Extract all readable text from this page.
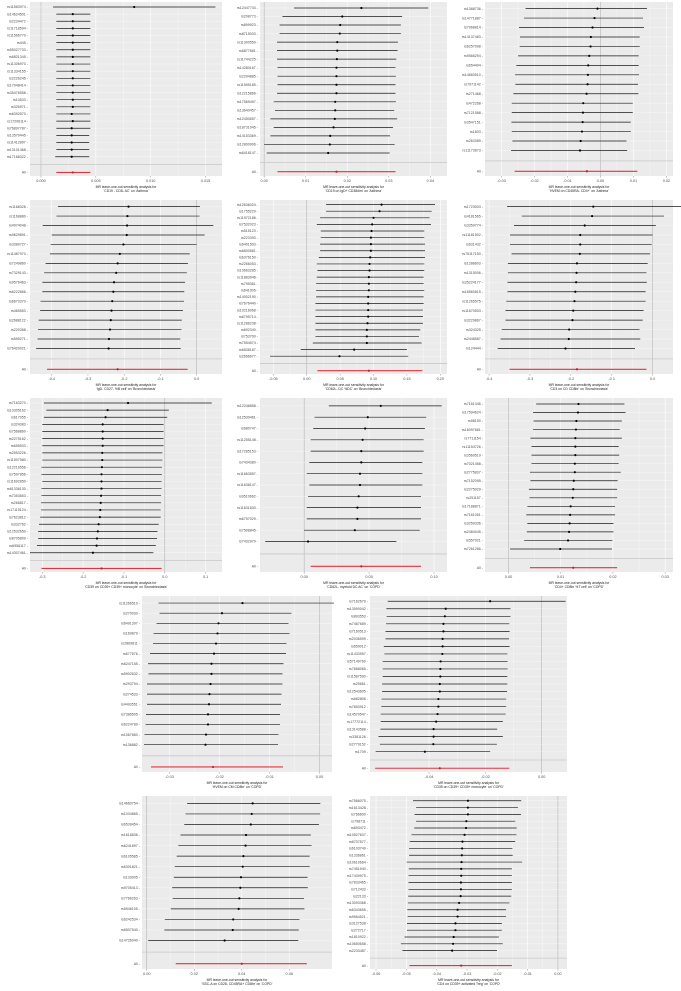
rs11583974 -
rs14624501 -
rs2234472 -
rs11718594 -
rs11566770 -
rs445 -
rs55027733 -
rs6821345 -
rs11306970 -
rs11334155 -
rs2226245 -
rs17048414 -
rs35476558 -
rs10533 -
rs326971 -
rs6392570 -
rs17296114 -
rs76897787 -
rs13570445 -
rs11412897 -
rs13101468 -
rs17168322 -
All -
0.000	0.005	0.010	0.015
MR leave-one-out sensitivity analysis for
'CD19 - CD8- AC' on 'Asthma'
rs12447743 -
rs208773 -
rs899923 -
rs8715033 -
rs11300559 -
rs6877681 -
rs11744225 -
rs14280167 -
rs2294885 -
rs11595185 -
rs12215866 -
rs17569497 -
rs13640457 -
rs12450657 -
rs18731045 -
rs14153369 -
rs12800906 -
rs6418147 -
All -
0.00	0.01	0.02	0.03	0.04
MR leave-one-out sensitivity analysis for
'CD19 on IgD+ CD38dim' on 'Asthma'
rs1388736 -
rs14771887 -
rs7968814 -
rs14137483 -
rs6257098 -
rs9566294 -
rs654404 -
rs14660510 -
rs7971142 -
rs271468 -
rs472268 -
rs7121588 -
rs3547151 -
rs1603 -
rs263389 -
rs11173673 -
All -
-0.03	-0.02	-0.01	0.00	0.01	0.02
MR leave-one-out sensitivity analysis for
'HVEM on CD45RA- CD4+' on 'Asthma'
rs1168326 -
rs1168880 -
rs4974048 -
rs9629891 -
rs3389727 -
rs11487970 -
rs7249860 -
rs7329143 -
rs9576463 -
rs6222866 -
rs6673370 -
rs465553 -
rs2688122 -
rs220368 -
rs595271 -
rs76420021 -
All -
-0.4	-0.3	-0.2	-0.1	0.0
MR leave-one-out sensitivity analysis for
'IgD- CD27- %B cell' on 'Bronchiectasis'
rs12636024 -
rs1755229 -
rs11972186 -
rs7532023 -
rs515123 -
rs223393 -
rs6401503 -
rs6600581 -
rs6376150 -
rs2266053 -
rs10663285 -
rs11883046 -
rs795361 -
rs641005 -
rs14002190 -
rs7676440 -
rs10216068 -
rs6795714 -
rs11286238 -
rs692340 -
rs753700 -
rs7554574 -
rs6838187 -
rs2666677 -
All -
-0.05	0.00	0.05	0.10	0.15	0.20
MR leave-one-out sensitivity analysis for
'CD62L- DC %DC' on 'Bronchiectasis'
rs1723003 -
rs4181565 -
rs3359774 -
rs11181502 -
rs631432 -
rs75117150 -
rs1288603 -
rs1315006 -
rs35224177 -
rs16560815 -
rs11265575 -
rs11670503 -
rs3229867 -
rs324325 -
rs2448587 -
rs124444 -
All -
-0.4	-0.3	-0.2	-0.1	0.0
MR leave-one-out sensitivity analysis for
'CD3 on CD CD8br' on 'Bronchiectasis'
rs7163270 -
rs13305162 -
rs617055 -
rs324383 -
rs7568860 -
rs2275162 -
rs655933 -
rs2553226 -
rs11507580 -
rs12216556 -
rs7597856 -
rs11692850 -
rs61336130 -
rs7353653 -
rs266817 -
rs17115124 -
rs7623812 -
rs332762 -
rs12532650 -
rs8705809 -
rs6958117 -
rs14307461 -
All -
-0.3	-0.2	-0.1	0.0	0.1
MR leave-one-out sensitivity analysis for
'CD39 on CD39+ CD39+ monocyte' on 'Bronchiectasis'
rs12246858 -
rs12530461 -
rs680747 -
rs11255148 -
rs17285153 -
rs7434380 -
rs11663557 -
rs11638147 -
rs9510662 -
rs11631830 -
rs6757029 -
rs7508845 -
rs7432979 -
All -
0.00	0.05	0.10
MR leave-one-out sensitivity analysis for
'CD62L- myeloid DC AC' on 'COPD'
rs7161346 -
rs17594624 -
rs98150 -
rs16097681 -
rs7711154 -
rs11154726 -
rs3569519 -
rs7021458 -
rs2775837 -
rs7152095 -
rs2275929 -
rs251157 -
rs17188871 -
rs7161051 -
rs3259336 -
rs2484045 -
rs557021 -
rs7261266 -
All -
0.00	0.01	0.02	0.03
MR leave-one-out sensitivity analysis for
'CD4+ CD8br %T cell' on 'COPD'
rs11266510 -
rs270030 -
rs6491397 -
rs169879 -
rs2869811 -
rs677576 -
rs6247155 -
rs5902632 -
rs293794 -
rs274533 -
rs4493551 -
rs7386505 -
rs6224789 -
rs1067660 -
rs136882 -
All -
-0.03	-0.02	-0.01	0.00
MR leave-one-out sensitivity analysis for
'HVEM on CM CD8br' on 'COPD'
rs7162679 -
rs13590042 -
rs893553 -
rs7467689 -
rs7160513 -
rs2036599 -
rs659012 -
rs11433957 -
rs57149760 -
rs7668065 -
rs11587590 -
rs25661 -
rs12543605 -
rs682806 -
rs7853912 -
rs14570547 -
rs17772114 -
rs13143588 -
rs3381126 -
rs2779152 -
rs1709 -
All -
-0.04	-0.02	0.00
MR leave-one-out sensitivity analysis for
'CD39 on CD39+ CD39+ monocyte' on 'COPD'
rs14660754 -
rs1034865 -
rs6539454 -
rs1618836 -
rs6241897 -
rs6105585 -
rs6301821 -
rs133005 -
rs9705413 -
rs7766263 -
rs5946105 -
rs6242534 -
rs6507540 -
rs14726040 -
All -
0.00	0.02	0.04	0.06
MR leave-one-out sensitivity analysis for
'SSC-A on CD28- CD45RA+ CD8br' on 'COPD'
rs7566075 -
rs1613428 -
rs766600 -
rs798711 -
rs893472 -
rs10527637 -
rs6707577 -
rs6103749 -
rs1336861 -
rs10610664 -
rs7451940 -
rs17439975 -
rs7833465 -
rs712433 -
rs22133 -
rs13093368 -
rs6343655 -
rs9564521 -
rs3127538 -
rs272717 -
rs1810922 -
rs10650658 -
rs2233487 -
All -
-0.06	-0.05	-0.04	-0.03	-0.02	-0.01	0.00
MR leave-one-out sensitivity analysis for
'CD4 on CD39+ activated Treg' on 'COPD'
